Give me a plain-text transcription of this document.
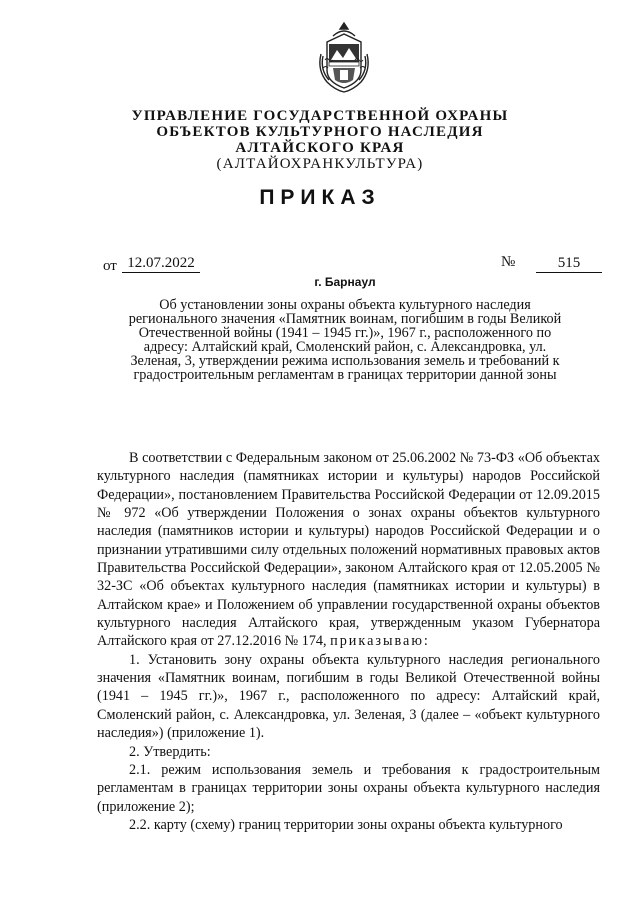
УПРАВЛЕНИЕ ГОСУДАРСТВЕННОЙ ОХРАНЫ
ОБЪЕКТОВ КУЛЬТУРНОГО НАСЛЕДИЯ
АЛТАЙСКОГО КРАЯ
(АЛТАЙОХРАНКУЛЬТУРА)
ПРИКАЗ
от 12.07.2022	№	515
г. Барнаул
Об установлении зоны охраны объекта культурного наследия регионального значения «Памятник воинам, погибшим в годы Великой Отечественной войны (1941 – 1945 гг.)», 1967 г., расположенного по адресу: Алтайский край, Смоленский район, с. Александровка, ул. Зеленая, 3, утверждении режима использования земель и требований к градостроительным регламентам в границах территории данной зоны

В соответствии с Федеральным законом от 25.06.2002 № 73-ФЗ «Об объектах культурного наследия (памятниках истории и культуры) народов Российской Федерации», постановлением Правительства Российской Федерации от 12.09.2015 № 972 «Об утверждении Положения о зонах охраны объектов культурного наследия (памятников истории и культуры) народов Российской Федерации и о признании утратившими силу отдельных положений нормативных правовых актов Правительства Российской Федерации», законом Алтайского края от 12.05.2005 № 32-ЗС «Об объектах культурного наследия (памятниках истории и культуры) в Алтайском крае» и Положением об управлении государственной охраны объектов культурного наследия Алтайского края, утвержденным указом Губернатора Алтайского края от 27.12.2016 № 174, приказываю:

1. Установить зону охраны объекта культурного наследия регионального значения «Памятник воинам, погибшим в годы Великой Отечественной войны (1941 – 1945 гг.)», 1967 г., расположенного по адресу: Алтайский край, Смоленский район, с. Александровка, ул. Зеленая, 3 (далее – «объект культурного наследия») (приложение 1).

2. Утвердить:

2.1. режим использования земель и требования к градостроительным регламентам в границах территории зоны охраны объекта культурного наследия (приложение 2);

2.2. карту (схему) границ территории зоны охраны объекта культурного
